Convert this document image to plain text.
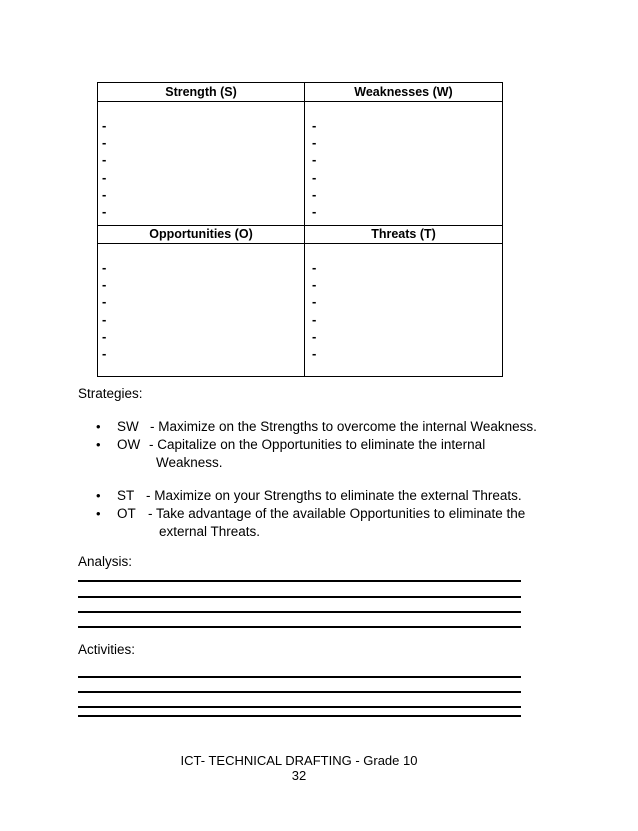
Strength (S)	Weaknesses (W)
-
-
-
-
-
-
-
-
-
-
-
-
Opportunities (O)	Threats (T)
-
-
-
-
-
-
-
-
-
-
-
-
Strategies:
• SW - Maximize on the Strengths to overcome the internal Weakness.
• OW - Capitalize on the Opportunities to eliminate the internal
Weakness.
• ST - Maximize on your Strengths to eliminate the external Threats.
• OT - Take advantage of the available Opportunities to eliminate the
external Threats.
Analysis:
Activities:
ICT- TECHNICAL DRAFTING - Grade 10
32
